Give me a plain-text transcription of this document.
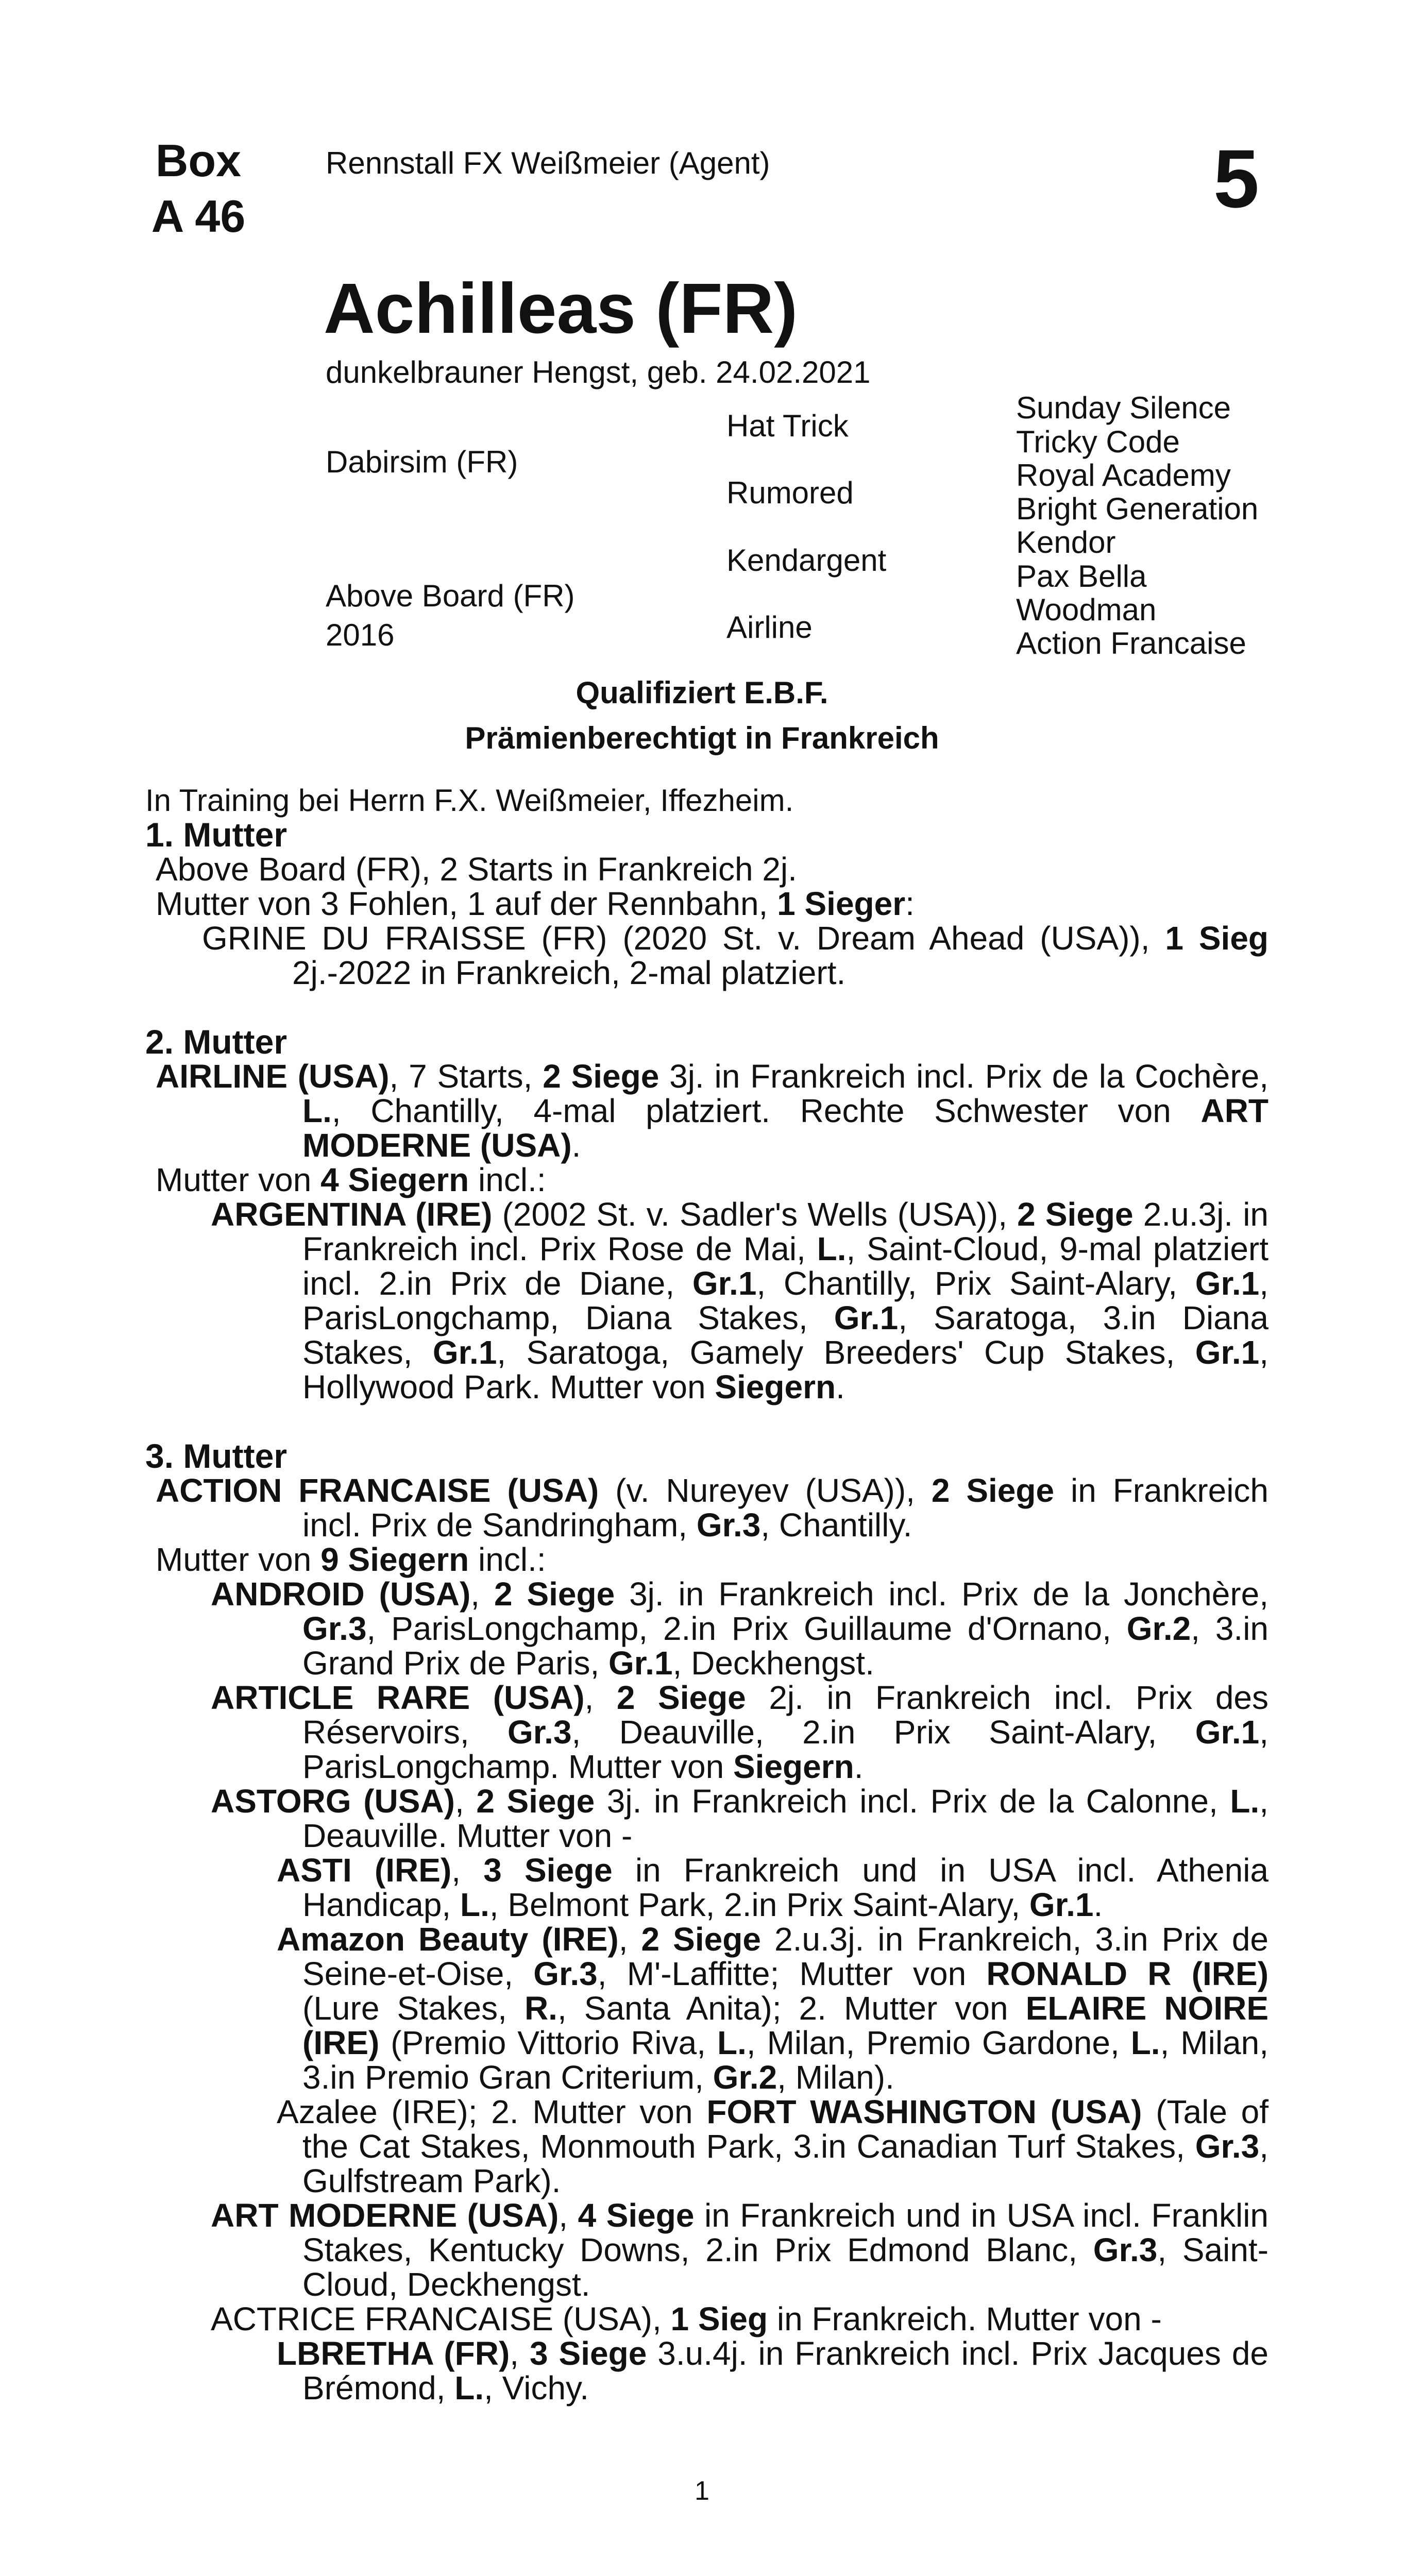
Box
A 46
Rennstall FX Weißmeier (Agent)	5
Achilleas (FR)
dunkelbrauner Hengst, geb. 24.02.2021
Dabirsim (FR)
Above Board (FR)
2016
Hat Trick
Rumored
Kendargent
Airline
Sunday Silence
Tricky Code
Royal Academy
Bright Generation
Kendor
Pax Bella
Woodman
Action Francaise
Qualifiziert E.B.F.
Prämienberechtigt in Frankreich

In Training bei Herrn F.X. Weißmeier, Iffezheim.

1. Mutter

Above Board (FR), 2 Starts in Frankreich 2j.

Mutter von 3 Fohlen, 1 auf der Rennbahn, 1 Sieger:

GRINE DU FRAISSE (FR) (2020 St. v. Dream Ahead (USA)), 1 Sieg 2j.-2022 in Frankreich, 2-mal platziert.

2. Mutter

AIRLINE (USA), 7 Starts, 2 Siege 3j. in Frankreich incl. Prix de la Cochère, L., Chantilly, 4-mal platziert. Rechte Schwester von ART MODERNE (USA).

Mutter von 4 Siegern incl.:

ARGENTINA (IRE) (2002 St. v. Sadler's Wells (USA)), 2 Siege 2.u.3j. in Frankreich incl. Prix Rose de Mai, L., Saint-Cloud, 9-mal platziert incl. 2.in Prix de Diane, Gr.1, Chantilly, Prix Saint-Alary, Gr.1, ParisLongchamp, Diana Stakes, Gr.1, Saratoga, 3.in Diana Stakes, Gr.1, Saratoga, Gamely Breeders' Cup Stakes, Gr.1, Hollywood Park. Mutter von Siegern.

3. Mutter

ACTION FRANCAISE (USA) (v. Nureyev (USA)), 2 Siege in Frankreich incl. Prix de Sandringham, Gr.3, Chantilly.

Mutter von 9 Siegern incl.:

ANDROID (USA), 2 Siege 3j. in Frankreich incl. Prix de la Jonchère, Gr.3, ParisLongchamp, 2.in Prix Guillaume d'Ornano, Gr.2, 3.in Grand Prix de Paris, Gr.1, Deckhengst.

ARTICLE RARE (USA), 2 Siege 2j. in Frankreich incl. Prix des Réservoirs, Gr.3, Deauville, 2.in Prix Saint-Alary, Gr.1, ParisLongchamp. Mutter von Siegern.

ASTORG (USA), 2 Siege 3j. in Frankreich incl. Prix de la Calonne, L., Deauville. Mutter von -

ASTI (IRE), 3 Siege in Frankreich und in USA incl. Athenia Handicap, L., Belmont Park, 2.in Prix Saint-Alary, Gr.1.

Amazon Beauty (IRE), 2 Siege 2.u.3j. in Frankreich, 3.in Prix de Seine-et-Oise, Gr.3, M'-Laffitte; Mutter von RONALD R (IRE) (Lure Stakes, R., Santa Anita); 2. Mutter von ELAIRE NOIRE (IRE) (Premio Vittorio Riva, L., Milan, Premio Gardone, L., Milan, 3.in Premio Gran Criterium, Gr.2, Milan).

Azalee (IRE); 2. Mutter von FORT WASHINGTON (USA) (Tale of the Cat Stakes, Monmouth Park, 3.in Canadian Turf Stakes, Gr.3, Gulfstream Park).

ART MODERNE (USA), 4 Siege in Frankreich und in USA incl. Franklin Stakes, Kentucky Downs, 2.in Prix Edmond Blanc, Gr.3, Saint-Cloud, Deckhengst.

ACTRICE FRANCAISE (USA), 1 Sieg in Frankreich. Mutter von -

LBRETHA (FR), 3 Siege 3.u.4j. in Frankreich incl. Prix Jacques de Brémond, L., Vichy.

1
